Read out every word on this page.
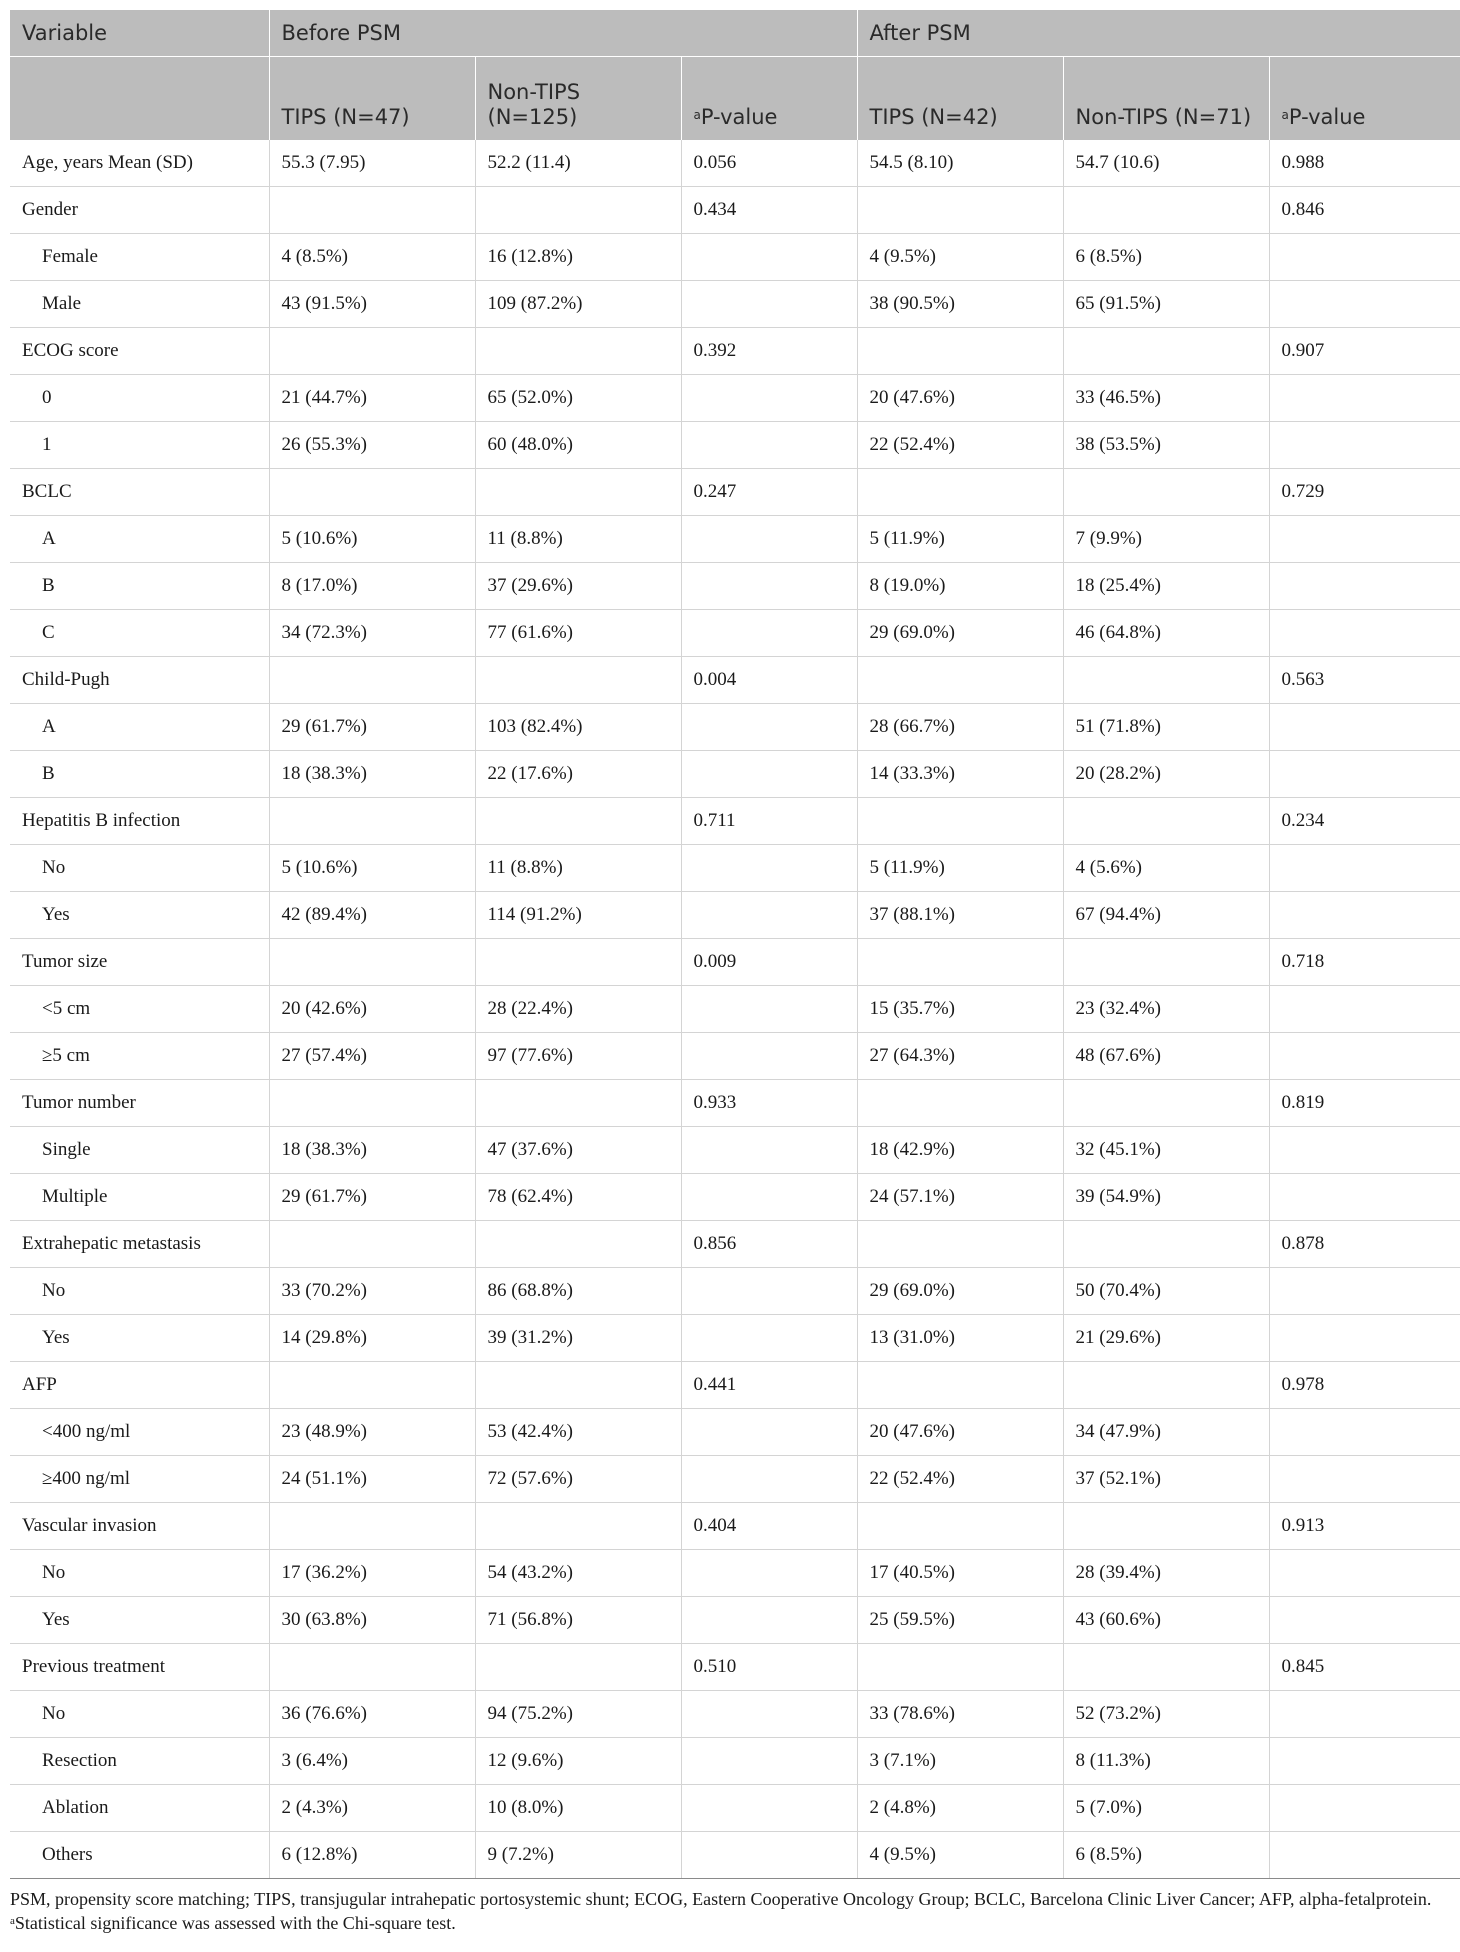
Variable	Before PSM			After PSM		
	TIPS (N=47)	Non-TIPS (N=125)	$^a$P-value	TIPS (N=42)	Non-TIPS (N=71)	$^a$P-value
Age, years Mean (SD)	55.3 (7.95)	52.2 (11.4)	0.056	54.5 (8.10)	54.7 (10.6)	0.988
Gender			0.434			0.846
Female	4 (8.5%)	16 (12.8%)		4 (9.5%)	6 (8.5%)	
Male	43 (91.5%)	109 (87.2%)		38 (90.5%)	65 (91.5%)	
ECOG score			0.392			0.907
0	21 (44.7%)	65 (52.0%)		20 (47.6%)	33 (46.5%)	
1	26 (55.3%)	60 (48.0%)		22 (52.4%)	38 (53.5%)	
BCLC			0.247			0.729
A	5 (10.6%)	11 (8.8%)		5 (11.9%)	7 (9.9%)	
B	8 (17.0%)	37 (29.6%)		8 (19.0%)	18 (25.4%)	
C	34 (72.3%)	77 (61.6%)		29 (69.0%)	46 (64.8%)	
Child-Pugh			0.004			0.563
A	29 (61.7%)	103 (82.4%)		28 (66.7%)	51 (71.8%)	
B	18 (38.3%)	22 (17.6%)		14 (33.3%)	20 (28.2%)	
Hepatitis B infection			0.711			0.234
No	5 (10.6%)	11 (8.8%)		5 (11.9%)	4 (5.6%)	
Yes	42 (89.4%)	114 (91.2%)		37 (88.1%)	67 (94.4%)	
Tumor size			0.009			0.718
<5 cm	20 (42.6%)	28 (22.4%)		15 (35.7%)	23 (32.4%)	
≥5 cm	27 (57.4%)	97 (77.6%)		27 (64.3%)	48 (67.6%)	
Tumor number			0.933			0.819
Single	18 (38.3%)	47 (37.6%)		18 (42.9%)	32 (45.1%)	
Multiple	29 (61.7%)	78 (62.4%)		24 (57.1%)	39 (54.9%)	
Extrahepatic metastasis			0.856			0.878
No	33 (70.2%)	86 (68.8%)		29 (69.0%)	50 (70.4%)	
Yes	14 (29.8%)	39 (31.2%)		13 (31.0%)	21 (29.6%)	
AFP			0.441			0.978
<400 ng/ml	23 (48.9%)	53 (42.4%)		20 (47.6%)	34 (47.9%)	
≥400 ng/ml	24 (51.1%)	72 (57.6%)		22 (52.4%)	37 (52.1%)	
Vascular invasion			0.404			0.913
No	17 (36.2%)	54 (43.2%)		17 (40.5%)	28 (39.4%)	
Yes	30 (63.8%)	71 (56.8%)		25 (59.5%)	43 (60.6%)	
Previous treatment			0.510			0.845
No	36 (76.6%)	94 (75.2%)		33 (78.6%)	52 (73.2%)	
Resection	3 (6.4%)	12 (9.6%)		3 (7.1%)	8 (11.3%)	
Ablation	2 (4.3%)	10 (8.0%)		2 (4.8%)	5 (7.0%)	
Others	6 (12.8%)	9 (7.2%)		4 (9.5%)	6 (8.5%)	

PSM, propensity score matching; TIPS, transjugular intrahepatic portosystemic shunt; ECOG, Eastern Cooperative Oncology Group; BCLC, Barcelona Clinic Liver Cancer; AFP, alpha-fetalprotein.

$^a$Statistical significance was assessed with the Chi-square test.
